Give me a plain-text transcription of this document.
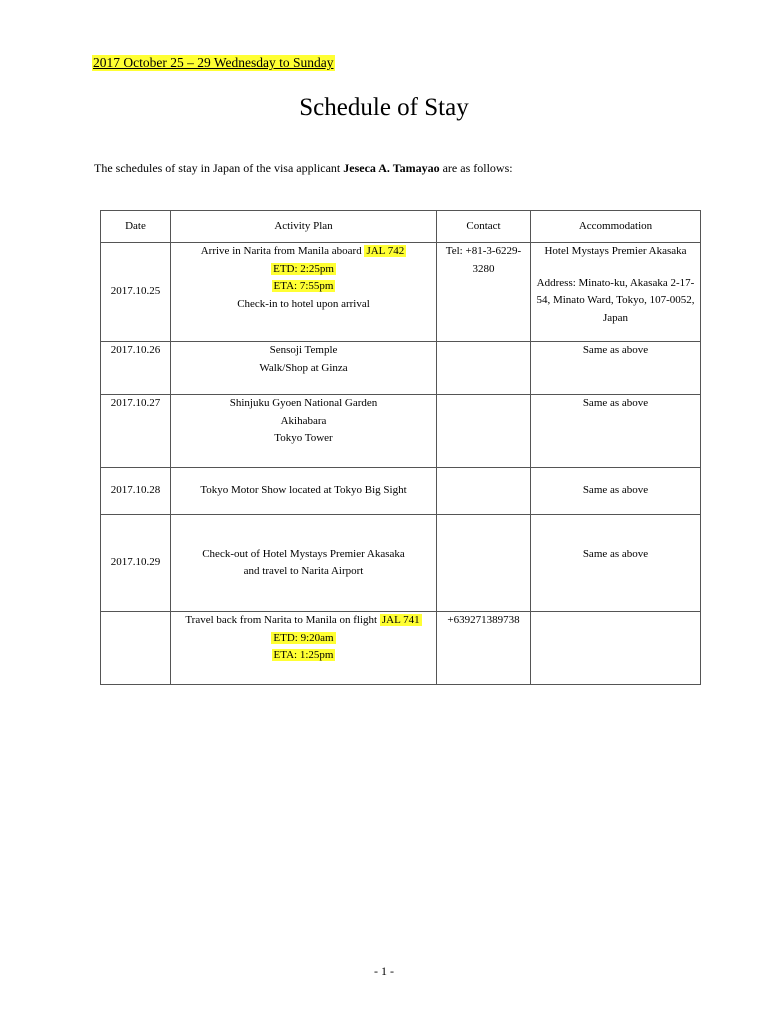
2017 October 25 – 29 Wednesday to Sunday
Schedule of Stay
The schedules of stay in Japan of the visa applicant Jeseca A. Tamayao are as follows:
Date	Activity Plan	Contact	Accommodation
2017.10.25	Arrive in Narita from Manila aboard JAL 742
ETD: 2:25pm
ETA: 7:55pm
Check-in to hotel upon arrival	Tel: +81-3-6229-3280	Hotel Mystays Premier Akasaka
Address: Minato-ku, Akasaka 2-17-54, Minato Ward, Tokyo, 107-0052, Japan

2017.10.26	Sensoji Temple
Walk/Shop at Ginza		Same as above
2017.10.27	Shinjuku Gyoen National Garden
Akihabara
Tokyo Tower		Same as above
2017.10.28	Tokyo Motor Show located at Tokyo Big Sight		Same as above
2017.10.29	Check-out of Hotel Mystays Premier Akasaka
and travel to Narita Airport		Same as above

	Travel back from Narita to Manila on flight JAL 741
ETD: 9:20am
ETA: 1:25pm	+639271389738	
- 1 -
